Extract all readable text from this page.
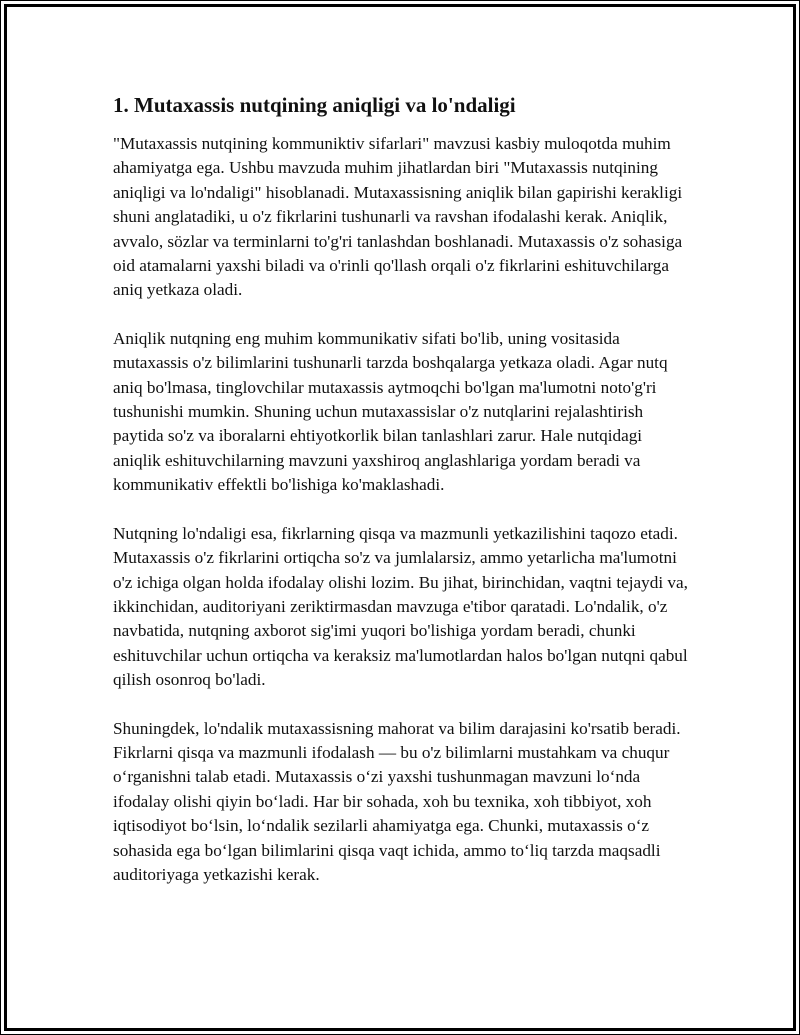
1. Mutaxassis nutqining aniqligi va lo'ndaligi

"Mutaxassis nutqining kommuniktiv sifarlari" mavzusi kasbiy muloqotda muhim ahamiyatga ega. Ushbu mavzuda muhim jihatlardan biri "Mutaxassis nutqining aniqligi va lo'ndaligi" hisoblanadi. Mutaxassisning aniqlik bilan gapirishi kerakligi shuni anglatadiki, u o'z fikrlarini tushunarli va ravshan ifodalashi kerak. Aniqlik, avvalo, sözlar va terminlarni to'g'ri tanlashdan boshlanadi. Mutaxassis o'z sohasiga oid atamalarni yaxshi biladi va o'rinli qo'llash orqali o'z fikrlarini eshituvchilarga aniq yetkaza oladi.

Aniqlik nutqning eng muhim kommunikativ sifati bo'lib, uning vositasida mutaxassis o'z bilimlarini tushunarli tarzda boshqalarga yetkaza oladi. Agar nutq aniq bo'lmasa, tinglovchilar mutaxassis aytmoqchi bo'lgan ma'lumotni noto'g'ri tushunishi mumkin. Shuning uchun mutaxassislar o'z nutqlarini rejalashtirish paytida so'z va iboralarni ehtiyotkorlik bilan tanlashlari zarur. Hale nutqidagi aniqlik eshituvchilarning mavzuni yaxshiroq anglashlariga yordam beradi va kommunikativ effektli bo'lishiga ko'maklashadi.

Nutqning lo'ndaligi esa, fikrlarning qisqa va mazmunli yetkazilishini taqozo etadi. Mutaxassis o'z fikrlarini ortiqcha so'z va jumlalarsiz, ammo yetarlicha ma'lumotni o'z ichiga olgan holda ifodalay olishi lozim. Bu jihat, birinchidan, vaqtni tejaydi va, ikkinchidan, auditoriyani zeriktirmasdan mavzuga e'tibor qaratadi. Lo'ndalik, o'z navbatida, nutqning axborot sig'imi yuqori bo'lishiga yordam beradi, chunki eshituvchilar uchun ortiqcha va keraksiz ma'lumotlardan halos bo'lgan nutqni qabul qilish osonroq bo'ladi.

Shuningdek, lo'ndalik mutaxassisning mahorat va bilim darajasini ko'rsatib beradi. Fikrlarni qisqa va mazmunli ifodalash — bu o'z bilimlarni mustahkam va chuqur o‘rganishni talab etadi. Mutaxassis o‘zi yaxshi tushunmagan mavzuni lo‘nda ifodalay olishi qiyin bo‘ladi. Har bir sohada, xoh bu texnika, xoh tibbiyot, xoh iqtisodiyot bo‘lsin, lo‘ndalik sezilarli ahamiyatga ega. Chunki, mutaxassis o‘z sohasida ega bo‘lgan bilimlarini qisqa vaqt ichida, ammo to‘liq tarzda maqsadli auditoriyaga yetkazishi kerak.
